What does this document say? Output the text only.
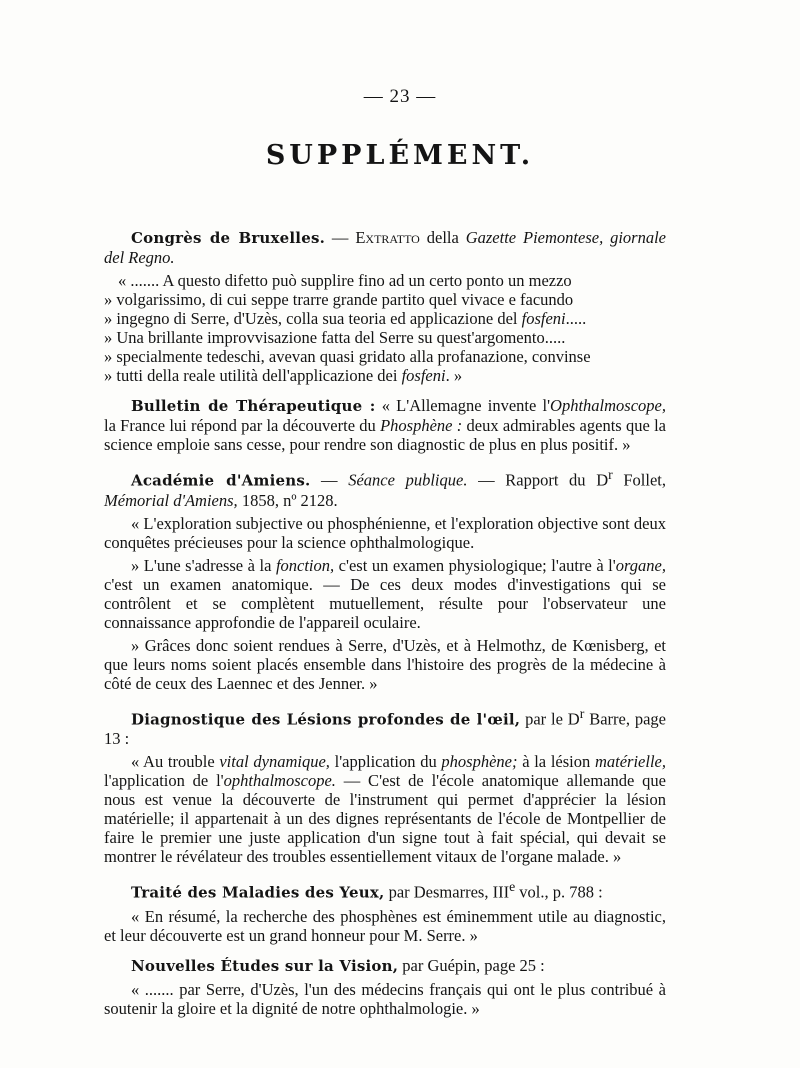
— 23 —
SUPPLÉMENT.

Congrès de Bruxelles. — Extratto della Gazette Piemontese, giornale del Regno.

« ....... A questo difetto può supplire fino ad un certo ponto un mezzo
» volgarissimo, di cui seppe trarre grande partito quel vivace e facundo
» ingegno di Serre, d'Uzès, colla sua teoria ed applicazione del fosfeni.....
» Una brillante improvvisazione fatta del Serre su quest'argomento.....
» specialmente tedeschi, avevan quasi gridato alla profanazione, convinse
» tutti della reale utilità dell'applicazione dei fosfeni. »

Bulletin de Thérapeutique : « L'Allemagne invente l'Ophthalmoscope, la France lui répond par la découverte du Phosphène : deux admirables agents que la science emploie sans cesse, pour rendre son diagnostic de plus en plus positif. »

Académie d'Amiens. — Séance publique. — Rapport du $D^r$ Follet, Mémorial d'Amiens, 1858, nº 2128.

« L'exploration subjective ou phosphénienne, et l'exploration objective sont deux conquêtes précieuses pour la science ophthalmologique.

» L'une s'adresse à la fonction, c'est un examen physiologique; l'autre à l'organe, c'est un examen anatomique. — De ces deux modes d'investigations qui se contrôlent et se complètent mutuellement, résulte pour l'observateur une connaissance approfondie de l'appareil oculaire.

» Grâces donc soient rendues à Serre, d'Uzès, et à Helmothz, de Kœnisberg, et que leurs noms soient placés ensemble dans l'histoire des progrès de la médecine à côté de ceux des Laennec et des Jenner. »

Diagnostique des Lésions profondes de l'œil, par le $D^r$ Barre, page 13 :

« Au trouble vital dynamique, l'application du phosphène; à la lésion matérielle, l'application de l'ophthalmoscope. — C'est de l'école anatomique allemande que nous est venue la découverte de l'instrument qui permet d'apprécier la lésion matérielle; il appartenait à un des dignes représentants de l'école de Montpellier de faire le premier une juste application d'un signe tout à fait spécial, qui devait se montrer le révélateur des troubles essentiellement vitaux de l'organe malade. »

Traité des Maladies des Yeux, par Desmarres, IIIe vol., p. 788 :

« En résumé, la recherche des phosphènes est éminemment utile au diagnostic, et leur découverte est un grand honneur pour M. Serre. »

Nouvelles Études sur la Vision, par Guépin, page 25 :

« ....... par Serre, d'Uzès, l'un des médecins français qui ont le plus contribué à soutenir la gloire et la dignité de notre ophthalmologie. »
